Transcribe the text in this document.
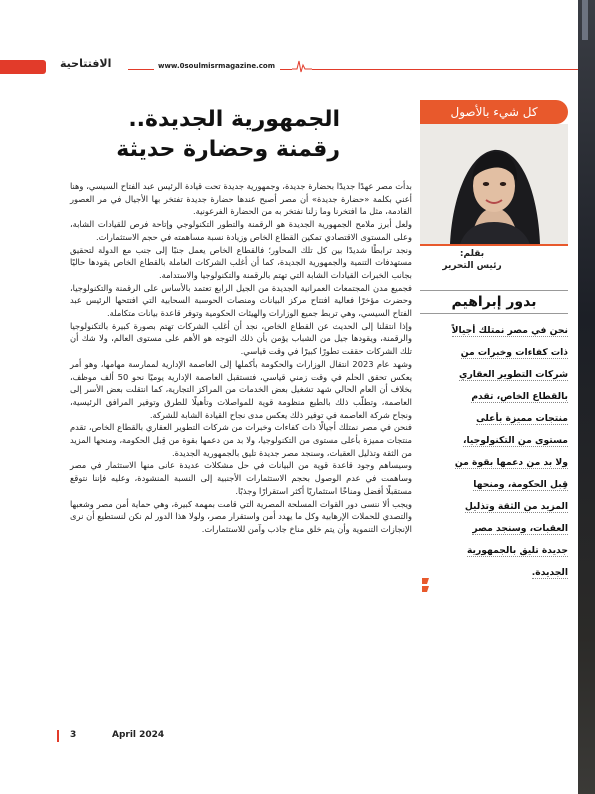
الافتتاحية	www.0soulmisrmagazine.com
كل شيء بالأصول
بقلم:
رئيس التحرير
بدور إبراهيم
نحن في مصر نمتلك أجيالاً
ذات كفاءات وخبرات من
شركات التطوير العقاري
بالقطاع الخاص، تقدم
منتجات مميزة بأعلى
مستوى من التكنولوجيا،
ولا بد من دعمها بقوة من
قِبل الحكومة، ومنحها
المزيد من الثقة وتذليل
العقبات، وسنجد مصر
جديدة تليق بالجمهورية
الجديدة.
الجمهورية الجديدة..
رقمنة وحضارة حديثة

بدأت مصر عهدًا جديدًا بحضارة جديدة، وجمهورية جديدة تحت قيادة الرئيس عبد الفتاح السيسي، وهنا أعني بكلمة «حضارة جديدة» أن مصر أصبح عندها حضارة جديدة تفتخر بها الأجيال في مر العصور القادمة، مثل ما افتخرنا وما زلنا نفتخر به من الحضارة الفرعونية.

ولعل أبرز ملامح الجمهورية الجديدة هو الرقمنة والتطور التكنولوجي وإتاحة فرص للقيادات الشابة، وعلى المستوى الاقتصادي تمكين القطاع الخاص وزيادة نسبة مساهمته في حجم الاستثمارات.

ونجد ترابطًا شديدًا بين كل تلك المحاور؛ فالقطاع الخاص يعمل جنبًا إلى جنب مع الدولة لتحقيق مستهدفات التنمية والجمهورية الجديدة، كما أن أغلب الشركات العاملة بالقطاع الخاص يقودها حاليًا بجانب الخبرات القيادات الشابة التي تهتم بالرقمنة والتكنولوجيا والاستدامة.

فجميع مدن المجتمعات العمرانية الجديدة من الجيل الرابع تعتمد بالأساس على الرقمنة والتكنولوجيا، وحضرت مؤخرًا فعالية افتتاح مركز البيانات ومنصات الحوسبة السحابية التي افتتحها الرئيس عبد الفتاح السيسي، وهي تربط جميع الوزارات والهيئات الحكومية وتوفر قاعدة بيانات متكاملة.

وإذا انتقلنا إلى الحديث عن القطاع الخاص، نجد أن أغلب الشركات تهتم بصورة كبيرة بالتكنولوجيا والرقمنة، ويقودها جيل من الشباب يؤمن بأن ذلك التوجه هو الأهم على مستوى العالم، ولا شك أن تلك الشركات حققت تطورًا كبيرًا في وقت قياسي.

وشهد عام 2023 انتقال الوزارات والحكومة بأكملها إلى العاصمة الإدارية لممارسة مهامها، وهو أمر يعكس تحقق الحلم في وقت زمني قياسي، فتستقبل العاصمة الإدارية يوميًا نحو 50 ألف موظف، بخلاف أن العام الحالي شهد تشغيل بعض الخدمات من المراكز التجارية، كما انتقلت بعض الأسر إلى العاصمة، وتطلّب ذلك بالطبع منظومة قوية للمواصلات وتأهيلًا للطرق وتوفير المرافق الرئيسية، ونجاح شركة العاصمة في توفير ذلك يعكس مدى نجاح القيادة الشابة للشركة.

فنحن في مصر نمتلك أجيالًا ذات كفاءات وخبرات من شركات التطوير العقاري بالقطاع الخاص، تقدم منتجات مميزة بأعلى مستوى من التكنولوجيا، ولا بد من دعمها بقوة من قِبل الحكومة، ومنحها المزيد من الثقة وتذليل العقبات، وسنجد مصر جديدة تليق بالجمهورية الجديدة.

وسيساهم وجود قاعدة قوية من البيانات في حل مشكلات عديدة عانى منها الاستثمار في مصر وساهمت في عدم الوصول بحجم الاستثمارات الأجنبية إلى النسبة المنشودة، وعليه فإننا نتوقع مستقبلًا أفضل ومناخًا استثماريًا أكثر استقرارًا وجذبًا.

ويجب ألا ننسى دور القوات المسلحة المصرية التي قامت بمهمة كبيرة، وهي حماية أمن مصر وشعبها والتصدي للحملات الإرهابية وكل ما يهدد أمن واستقرار مصر، ولولا هذا الدور لم نكن لنستطيع أن نرى الإنجازات التنموية وأن يتم خلق مناخ جاذب وآمن للاستثمارات.

3	April 2024
